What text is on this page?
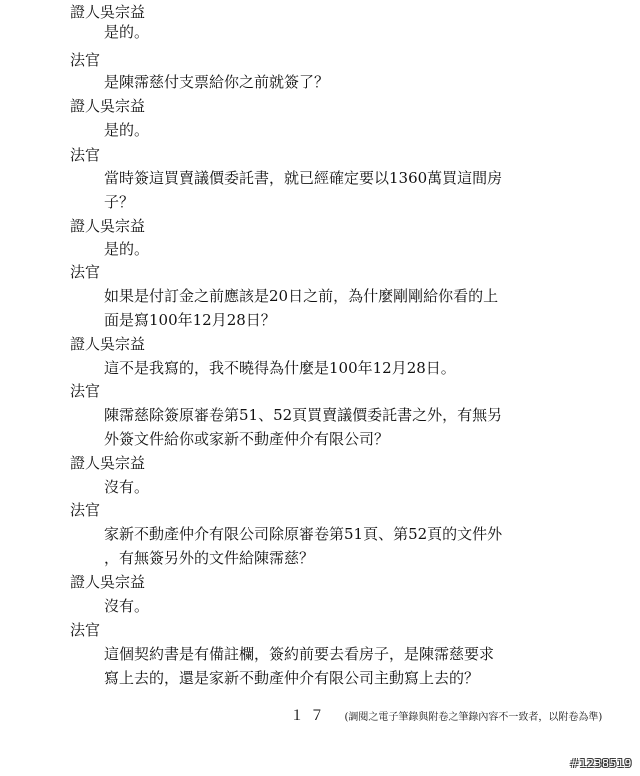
證人吳宗益
是的。
法官
是陳霈慈付支票給你之前就簽了？
證人吳宗益
是的。
法官
當時簽這買賣議價委託書，就已經確定要以1360萬買這間房
子？
證人吳宗益
是的。
法官
如果是付訂金之前應該是20日之前，為什麼剛剛給你看的上
面是寫100年12月28日？
證人吳宗益
這不是我寫的，我不曉得為什麼是100年12月28日。
法官
陳霈慈除簽原審卷第51、52頁買賣議價委託書之外，有無另
外簽文件給你或家新不動產仲介有限公司？
證人吳宗益
沒有。
法官
家新不動產仲介有限公司除原審卷第51頁、第52頁的文件外
，有無簽另外的文件給陳霈慈？
證人吳宗益
沒有。
法官
這個契約書是有備註欄，簽約前要去看房子，是陳霈慈要求
寫上去的，還是家新不動產仲介有限公司主動寫上去的？
１７ (調閱之電子筆錄與附卷之筆錄內容不一致者，以附卷為準)
#1238519
